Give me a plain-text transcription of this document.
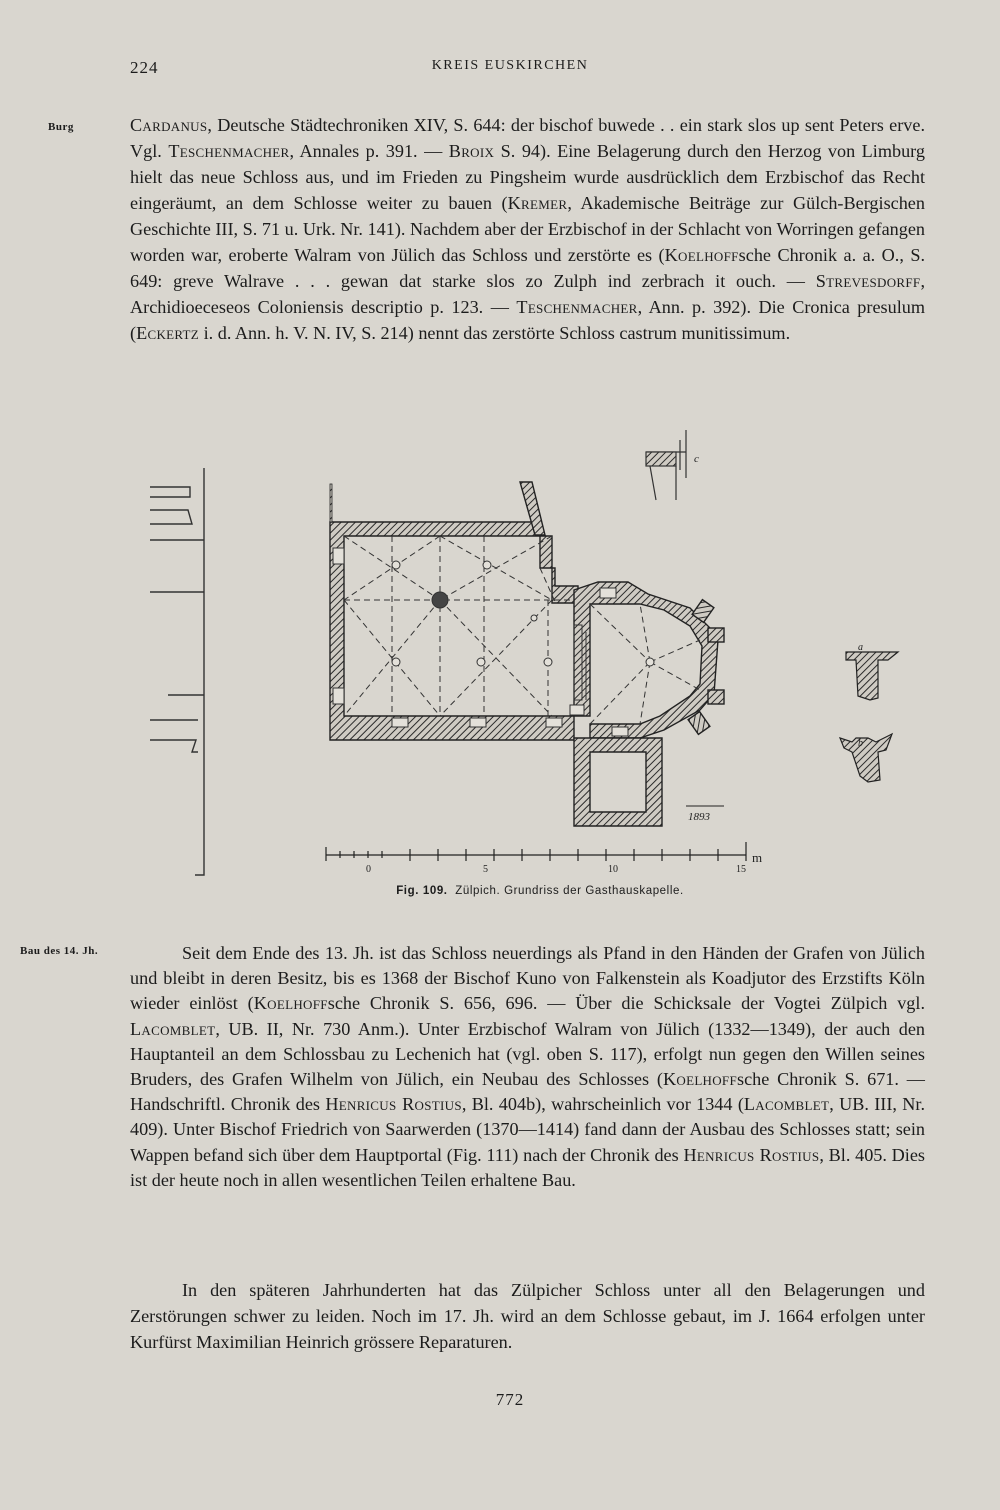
224	KREIS EUSKIRCHEN
Burg	Cardanus, Deutsche Städtechroniken XIV, S. 644: der bischof buwede . . ein stark slos up sent Peters erve. Vgl. Teschenmacher, Annales p. 391. — Broix S. 94). Eine Belagerung durch den Herzog von Limburg hielt das neue Schloss aus, und im Frieden zu Pingsheim wurde ausdrücklich dem Erzbischof das Recht eingeräumt, an dem Schlosse weiter zu bauen (Kremer, Akademische Beiträge zur Gülch-Bergischen Geschichte III, S. 71 u. Urk. Nr. 141). Nachdem aber der Erzbischof in der Schlacht von Worringen gefangen worden war, eroberte Walram von Jülich das Schloss und zerstörte es (Koelhoffsche Chronik a. a. O., S. 649: greve Walrave . . . gewan dat starke slos zo Zulph ind zerbrach it ouch. — Strevesdorff, Archidioeceseos Coloniensis descriptio p. 123. — Teschenmacher, Ann. p. 392). Die Cronica presulum (Eckertz i. d. Ann. h. V. N. IV, S. 214) nennt das zerstörte Schloss castrum munitissimum.
0	5	10	15
m
1893
a
b
c
Fig. 109. Zülpich. Grundriss der Gasthauskapelle.
Bau des 14. Jh.	Seit dem Ende des 13. Jh. ist das Schloss neuerdings als Pfand in den Händen der Grafen von Jülich und bleibt in deren Besitz, bis es 1368 der Bischof Kuno von Falkenstein als Koadjutor des Erzstifts Köln wieder einlöst (Koelhoffsche Chronik S. 656, 696. — Über die Schicksale der Vogtei Zülpich vgl. Lacomblet, UB. II, Nr. 730 Anm.). Unter Erzbischof Walram von Jülich (1332—1349), der auch den Hauptanteil an dem Schlossbau zu Lechenich hat (vgl. oben S. 117), erfolgt nun gegen den Willen seines Bruders, des Grafen Wilhelm von Jülich, ein Neubau des Schlosses (Koelhoffsche Chronik S. 671. — Handschriftl. Chronik des Henricus Rostius, Bl. 404b), wahrscheinlich vor 1344 (Lacomblet, UB. III, Nr. 409). Unter Bischof Friedrich von Saarwerden (1370—1414) fand dann der Ausbau des Schlosses statt; sein Wappen befand sich über dem Hauptportal (Fig. 111) nach der Chronik des Henricus Rostius, Bl. 405. Dies ist der heute noch in allen wesentlichen Teilen erhaltene Bau.
In den späteren Jahrhunderten hat das Zülpicher Schloss unter all den Belagerungen und Zerstörungen schwer zu leiden. Noch im 17. Jh. wird an dem Schlosse gebaut, im J. 1664 erfolgen unter Kurfürst Maximilian Heinrich grössere Reparaturen.
772
